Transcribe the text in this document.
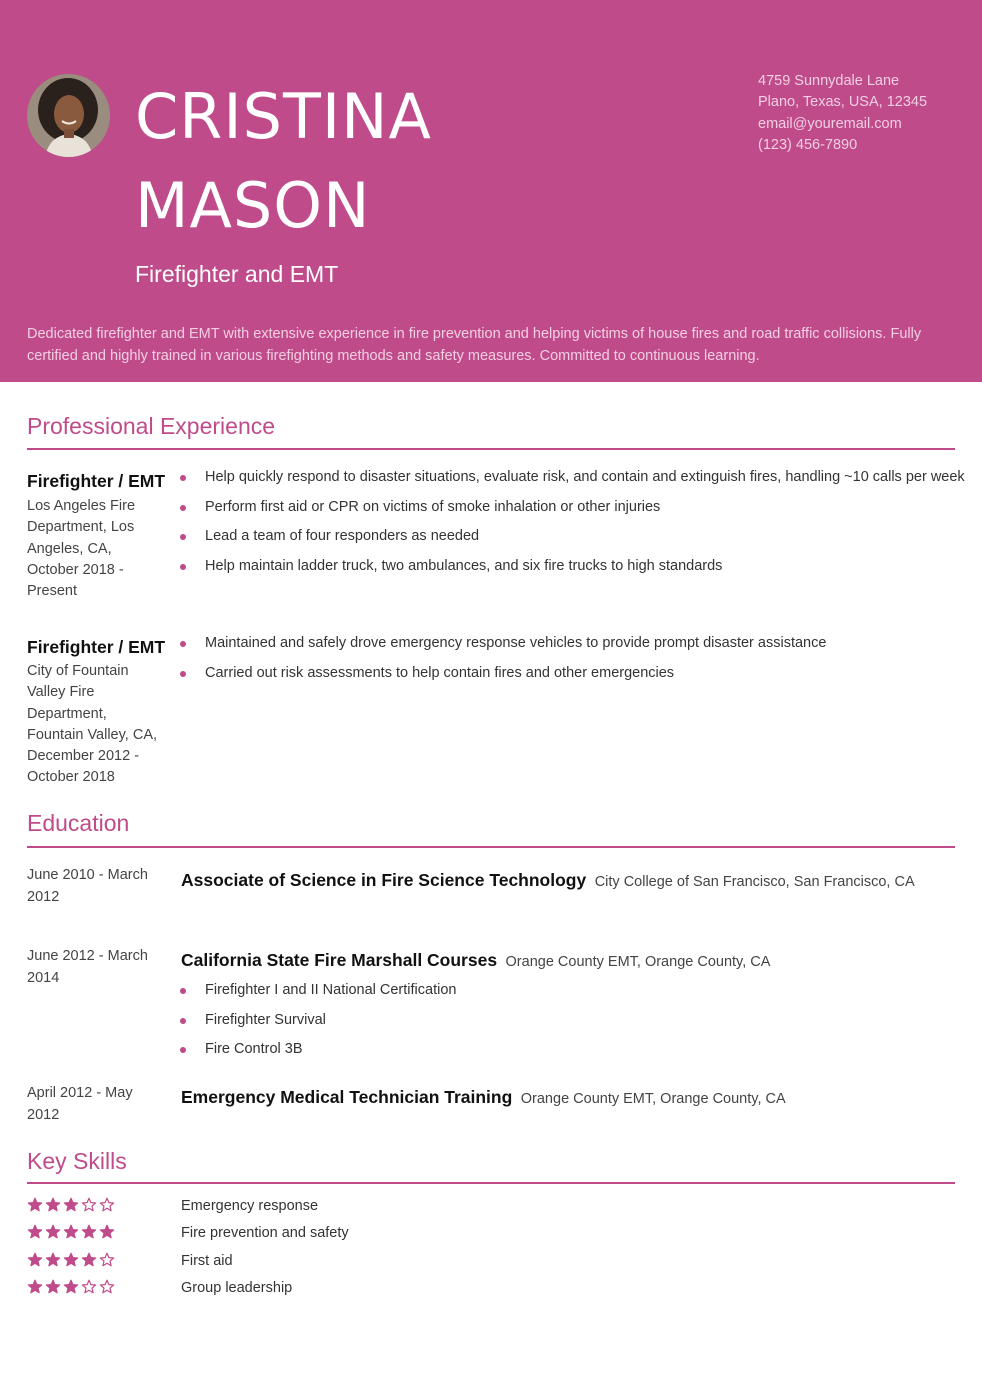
CRISTINA
MASON
Firefighter and EMT
4759 Sunnydale Lane
Plano, Texas, USA, 12345
email@youremail.com
(123) 456-7890
Dedicated firefighter and EMT with extensive experience in fire prevention and helping victims of house fires and road traffic collisions. Fully certified and highly trained in various firefighting methods and safety measures. Committed to continuous learning.
Professional Experience
Firefighter / EMT
Los Angeles Fire Department, Los Angeles, CA, October 2018 - Present
Help quickly respond to disaster situations, evaluate risk, and contain and extinguish fires, handling ~10 calls per week
Perform first aid or CPR on victims of smoke inhalation or other injuries
Lead a team of four responders as needed
Help maintain ladder truck, two ambulances, and six fire trucks to high standards
Firefighter / EMT
City of Fountain Valley Fire Department, Fountain Valley, CA, December 2012 - October 2018
Maintained and safely drove emergency response vehicles to provide prompt disaster assistance
Carried out risk assessments to help contain fires and other emergencies
Education
June 2010 - March 2012
Associate of Science in Fire Science Technology City College of San Francisco, San Francisco, CA
June 2012 - March 2014
California State Fire Marshall Courses Orange County EMT, Orange County, CA
Firefighter I and II National Certification
Firefighter Survival
Fire Control 3B
April 2012 - May 2012
Emergency Medical Technician Training Orange County EMT, Orange County, CA
Key Skills
Emergency response
Fire prevention and safety
First aid
Group leadership
